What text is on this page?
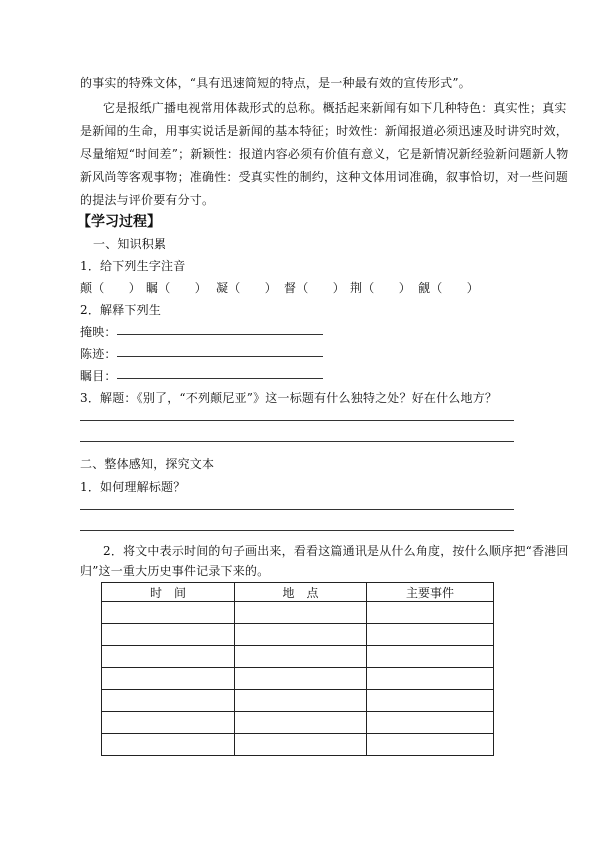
的事实的特殊文体，“具有迅速简短的特点，是一种最有效的宣传形式”。
它是报纸广播电视常用体裁形式的总称。概括起来新闻有如下几种特色：真实性；真实
是新闻的生命，用事实说话是新闻的基本特征；时效性：新闻报道必须迅速及时讲究时效，
尽量缩短“时间差”；新颖性：报道内容必须有价值有意义，它是新情况新经验新问题新人物
新风尚等客观事物；准确性：受真实性的制约，这种文体用词准确，叙事恰切，对一些问题
的提法与评价要有分寸。
【学习过程】
一、知识积累
1．给下列生字注音
颠（　　） 瞩（　　） 凝（　　） 督（　　） 荆（　　） 觎（　　）
2．解释下列生
掩映：
陈迹：
瞩目：
3．解题：《别了，“不列颠尼亚”》这一标题有什么独特之处？好在什么地方？
二、整体感知，探究文本
1．如何理解标题？
2．将文中表示时间的句子画出来，看看这篇通讯是从什么角度，按什么顺序把“香港回
归”这一重大历史事件记录下来的。
时　间	地　点	主要事件
